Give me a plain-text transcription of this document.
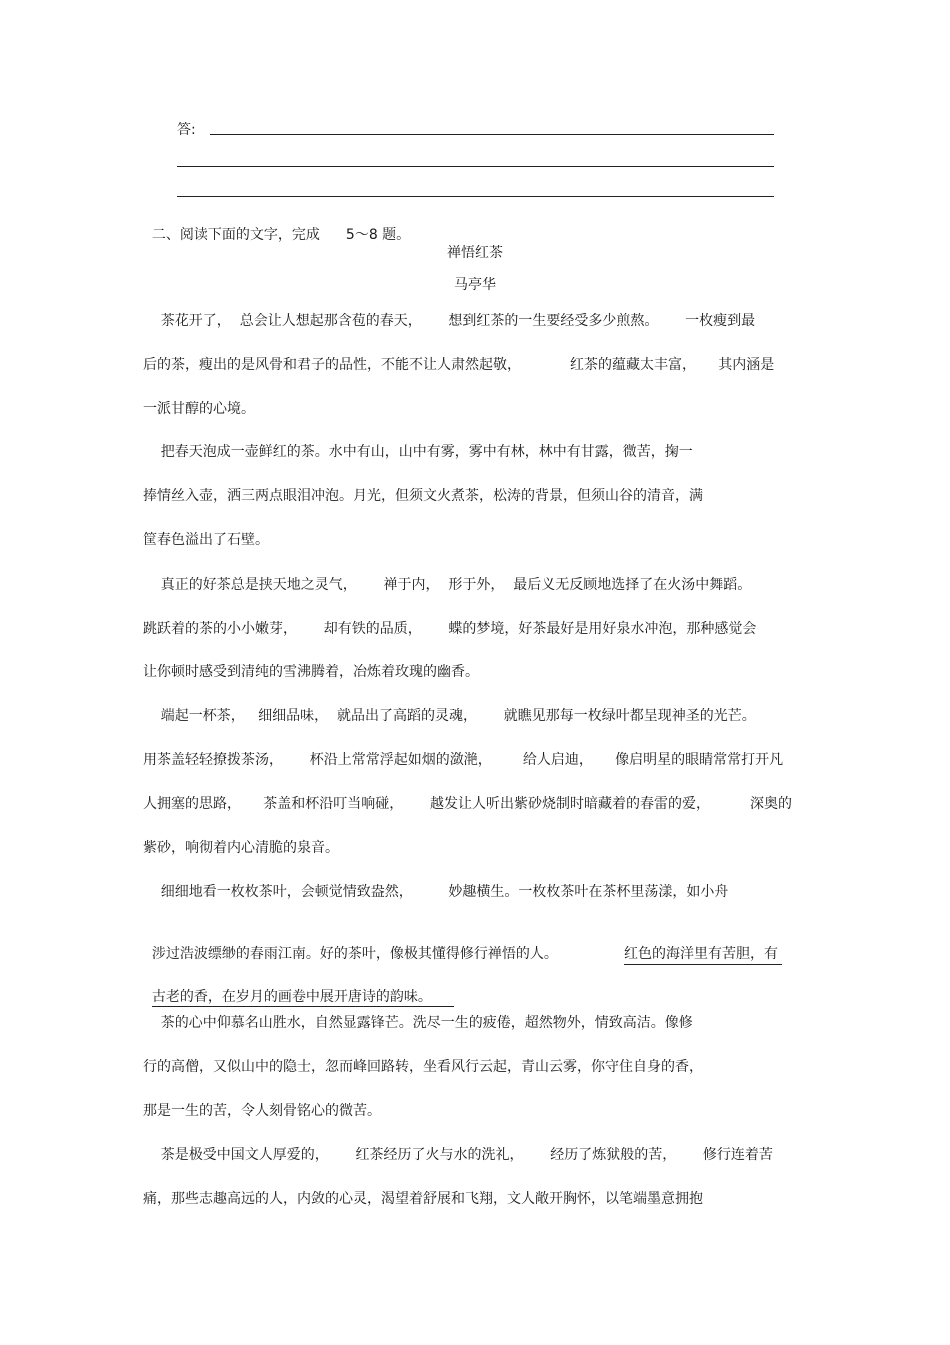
答:

二、阅读下面的文字，完成 5～8 题。

禅悟红茶
马亭华
茶花开了，  总会让人想起那含苞的春天，      想到红茶的一生要经受多少煎熬。      一枚瘦到最
后的茶，瘦出的是风骨和君子的品性，不能不让人肃然起敬，           红茶的蕴藏太丰富，     其内涵是
一派甘醇的心境。
把春天泡成一壶鲜红的茶。水中有山，山中有雾，雾中有林，林中有甘露，微苦，掬一
捧情丝入壶，洒三两点眼泪冲泡。月光，但须文火煮茶，松涛的背景，但须山谷的清音，满
筐春色溢出了石壁。
真正的好茶总是挟天地之灵气，      禅于内，  形于外，  最后义无反顾地选择了在火汤中舞蹈。
跳跃着的茶的小小嫩芽，      却有铁的品质，      蝶的梦境，好茶最好是用好泉水冲泡，那种感觉会
让你顿时感受到清纯的雪沸腾着，冶炼着玫瑰的幽香。
端起一杯茶，   细细品味，  就品出了高蹈的灵魂，      就瞧见那每一枚绿叶都呈现神圣的光芒。
用茶盖轻轻撩拨茶汤，      杯沿上常常浮起如烟的潋滟，       给人启迪，     像启明星的眼睛常常打开凡
人拥塞的思路，     茶盖和杯沿叮当响碰，      越发让人听出紫砂烧制时暗藏着的春雷的爱，         深奥的
紫砂，响彻着内心清脆的泉音。
细细地看一枚枚茶叶，会顿觉情致盎然，        妙趣横生。一枚枚茶叶在茶杯里荡漾，如小舟

涉过浩波缥缈的春雨江南。好的茶叶，像极其懂得修行禅悟的人。	红色的海洋里有苦胆，有

古老的香，在岁月的画卷中展开唐诗的韵味。

茶的心中仰慕名山胜水，自然显露锋芒。洗尽一生的疲倦，超然物外，情致高洁。像修
行的高僧，又似山中的隐士，忽而峰回路转，坐看风行云起，青山云雾，你守住自身的香，
那是一生的苦，令人刻骨铭心的微苦。
茶是极受中国文人厚爱的，      红茶经历了火与水的洗礼，      经历了炼狱般的苦，      修行连着苦
痛，那些志趣高远的人，内敛的心灵，渴望着舒展和飞翔，文人敞开胸怀，以笔端墨意拥抱
